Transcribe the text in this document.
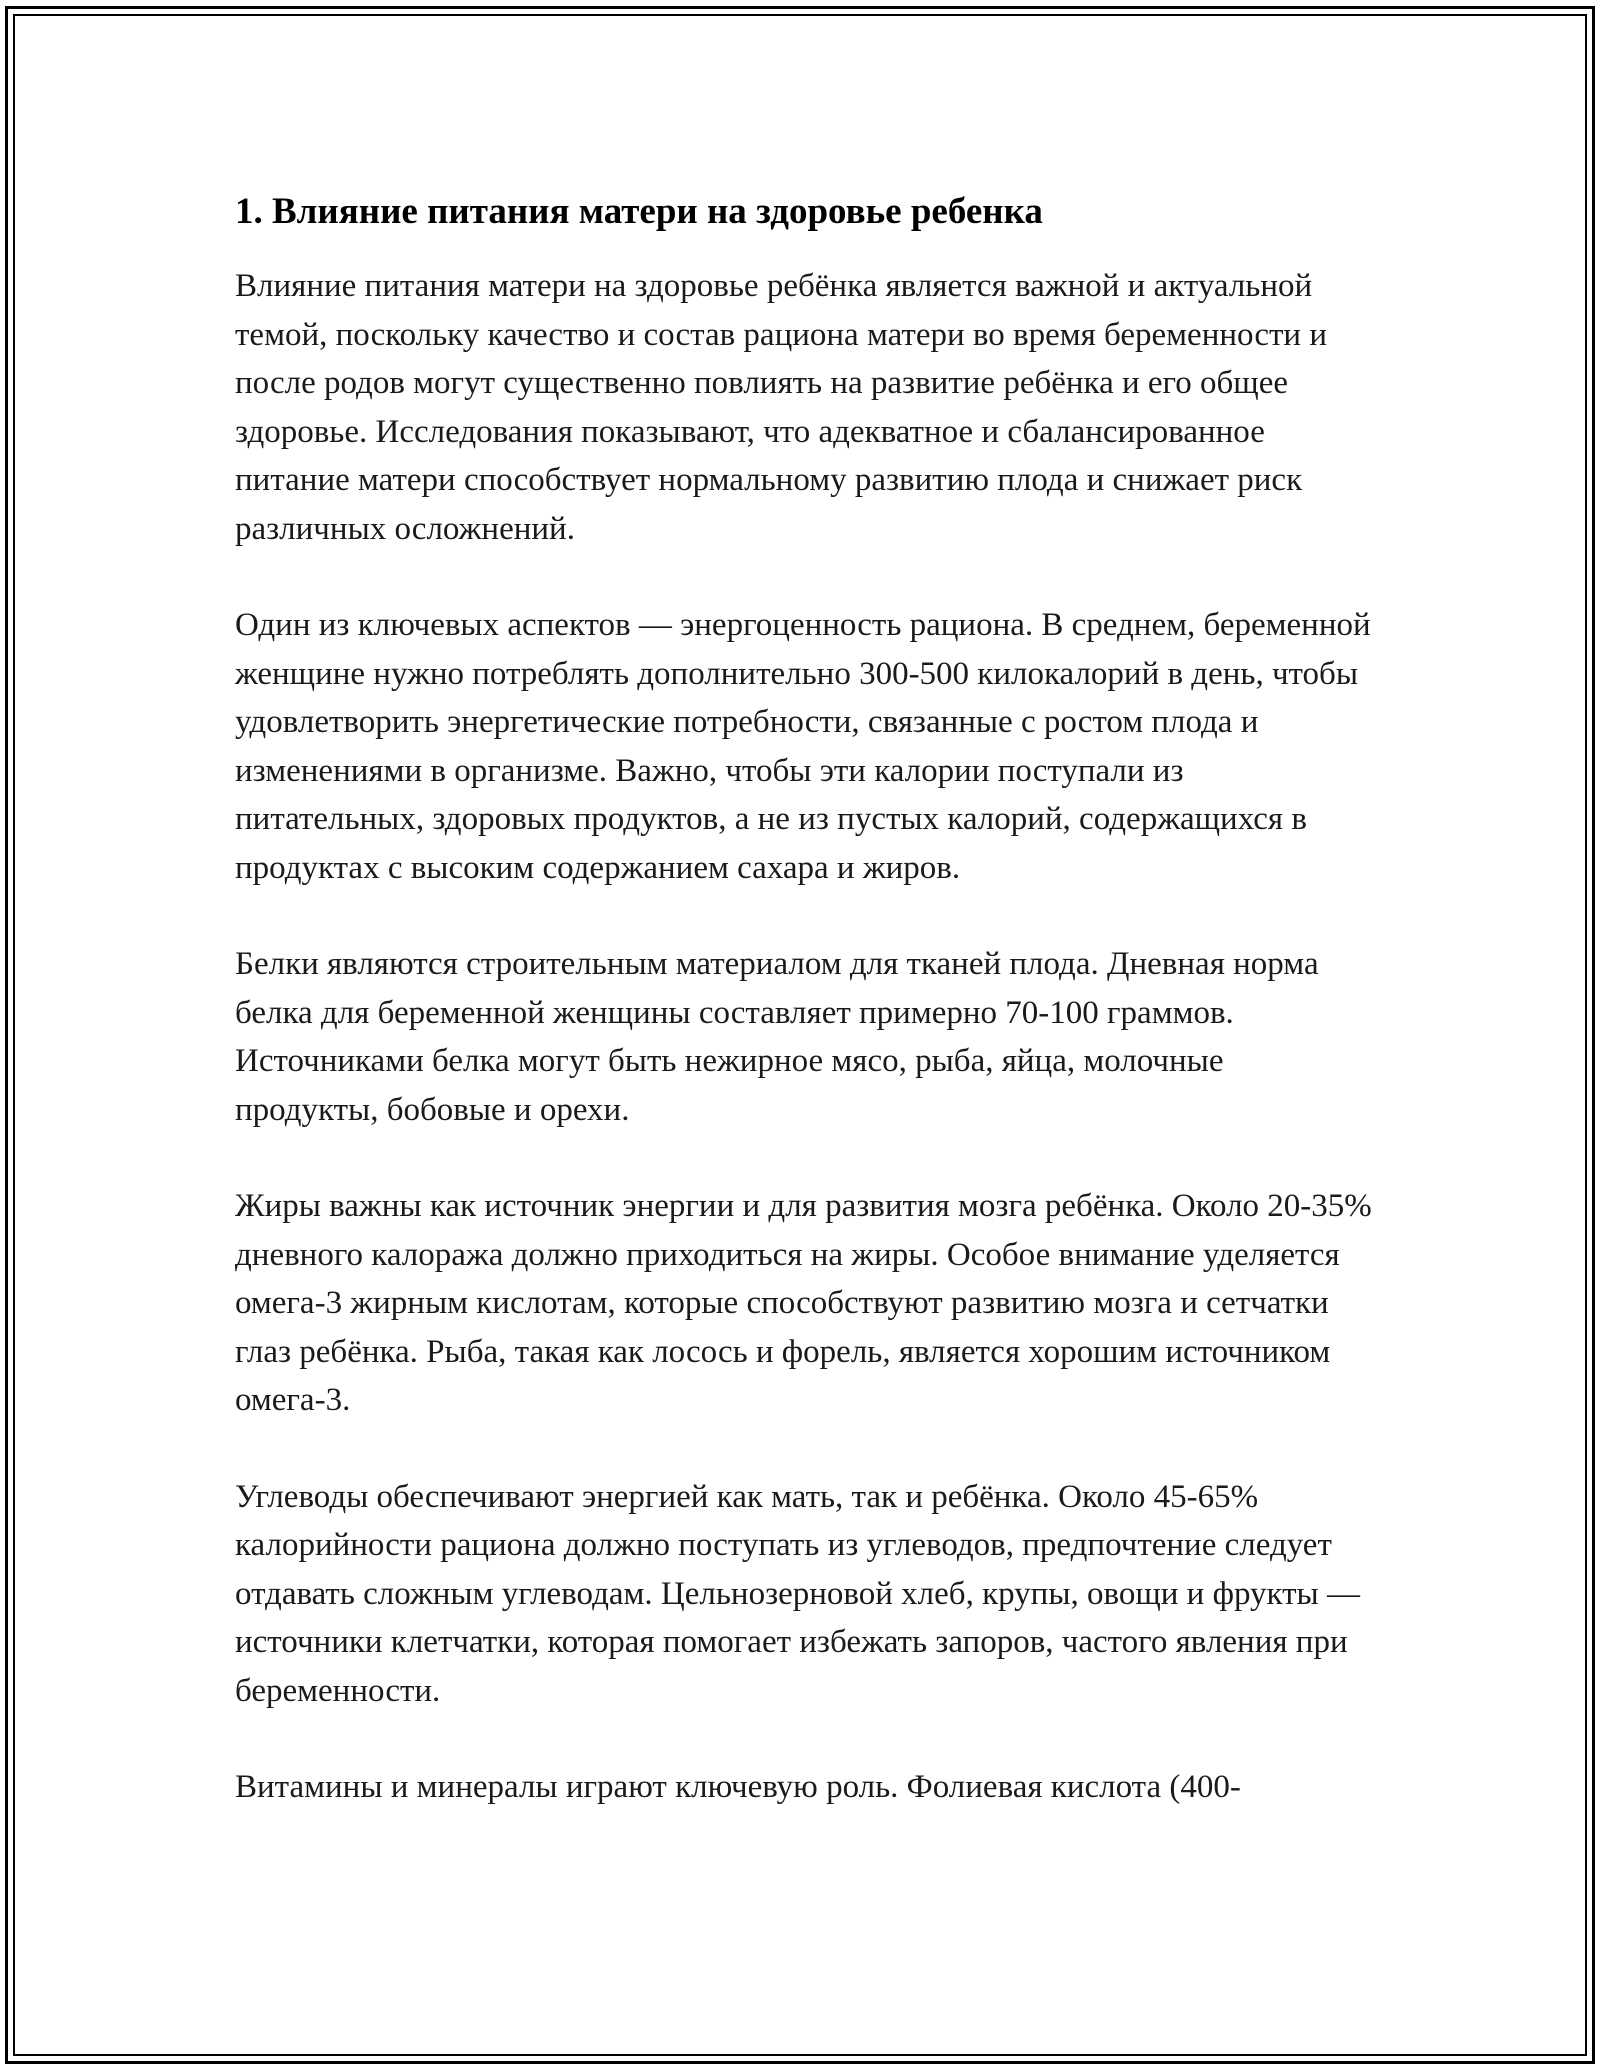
1. Влияние питания матери на здоровье ребенка

Влияние питания матери на здоровье ребёнка является важной и актуальной темой, поскольку качество и состав рациона матери во время беременности и после родов могут существенно повлиять на развитие ребёнка и его общее здоровье. Исследования показывают, что адекватное и сбалансированное питание матери способствует нормальному развитию плода и снижает риск различных осложнений.

Один из ключевых аспектов — энергоценность рациона. В среднем, беременной женщине нужно потреблять дополнительно 300-500 килокалорий в день, чтобы удовлетворить энергетические потребности, связанные с ростом плода и изменениями в организме. Важно, чтобы эти калории поступали из питательных, здоровых продуктов, а не из пустых калорий, содержащихся в продуктах с высоким содержанием сахара и жиров.

Белки являются строительным материалом для тканей плода. Дневная норма белка для беременной женщины составляет примерно 70-100 граммов. Источниками белка могут быть нежирное мясо, рыба, яйца, молочные продукты, бобовые и орехи.

Жиры важны как источник энергии и для развития мозга ребёнка. Около 20-35% дневного калоража должно приходиться на жиры. Особое внимание уделяется омега-3 жирным кислотам, которые способствуют развитию мозга и сетчатки глаз ребёнка. Рыба, такая как лосось и форель, является хорошим источником омега-3.

Углеводы обеспечивают энергией как мать, так и ребёнка. Около 45-65% калорийности рациона должно поступать из углеводов, предпочтение следует отдавать сложным углеводам. Цельнозерновой хлеб, крупы, овощи и фрукты — источники клетчатки, которая помогает избежать запоров, частого явления при беременности.

Витамины и минералы играют ключевую роль. Фолиевая кислота (400-
